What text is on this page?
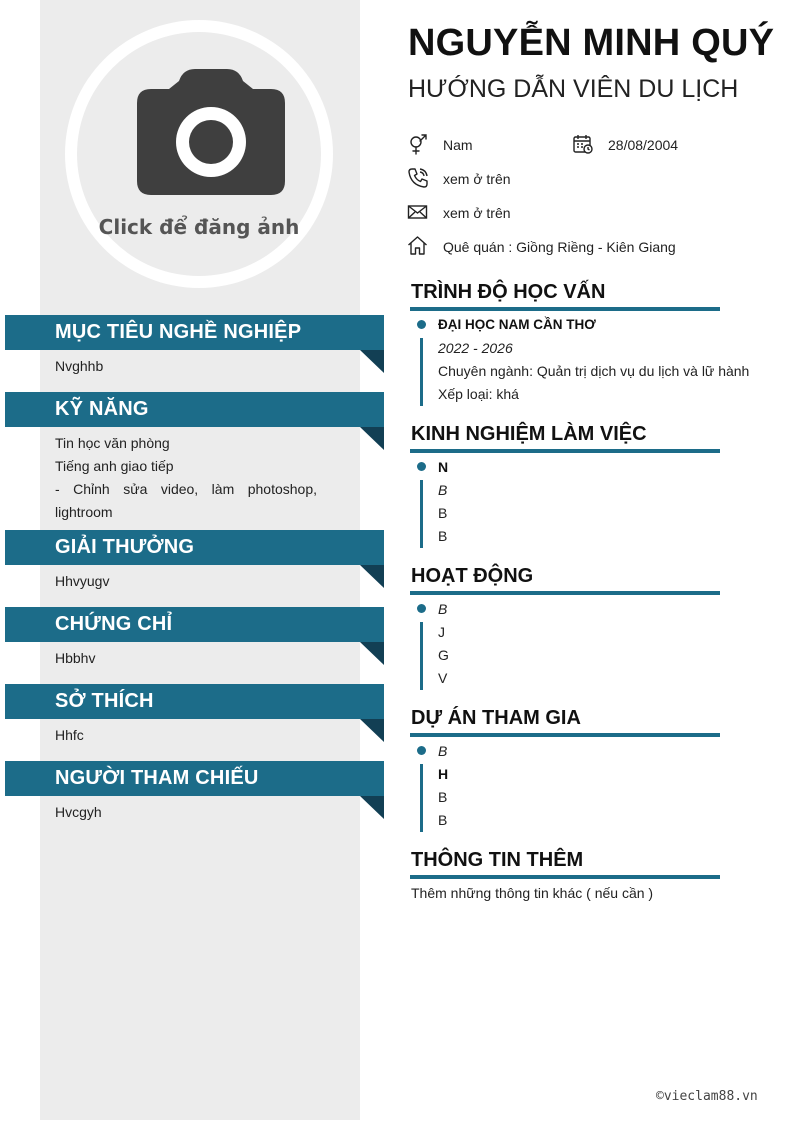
Click để đăng ảnh
MỤC TIÊU NGHỀ NGHIỆP
Nvghhb
KỸ NĂNG
Tin học văn phòng
Tiếng anh giao tiếp
- Chỉnh sửa video, làm photoshop,
lightroom
GIẢI THƯỞNG
Hhvyugv
CHỨNG CHỈ
Hbbhv
SỞ THÍCH
Hhfc
NGƯỜI THAM CHIẾU
Hvcgyh
NGUYỄN MINH QUÝ
HƯỚNG DẪN VIÊN DU LỊCH
Nam	28/08/2004
xem ở trên
xem ở trên
Quê quán : Giồng Riềng - Kiên Giang
TRÌNH ĐỘ HỌC VẤN
ĐẠI HỌC NAM CẦN THƠ
2022 - 2026
Chuyên ngành: Quản trị dịch vụ du lịch và lữ hành
Xếp loại: khá
KINH NGHIỆM LÀM VIỆC
N
B
B
B
HOẠT ĐỘNG
B
J
G
V
DỰ ÁN THAM GIA
B
H
B
B
THÔNG TIN THÊM
Thêm những thông tin khác ( nếu cần )
©vieclam88.vn
